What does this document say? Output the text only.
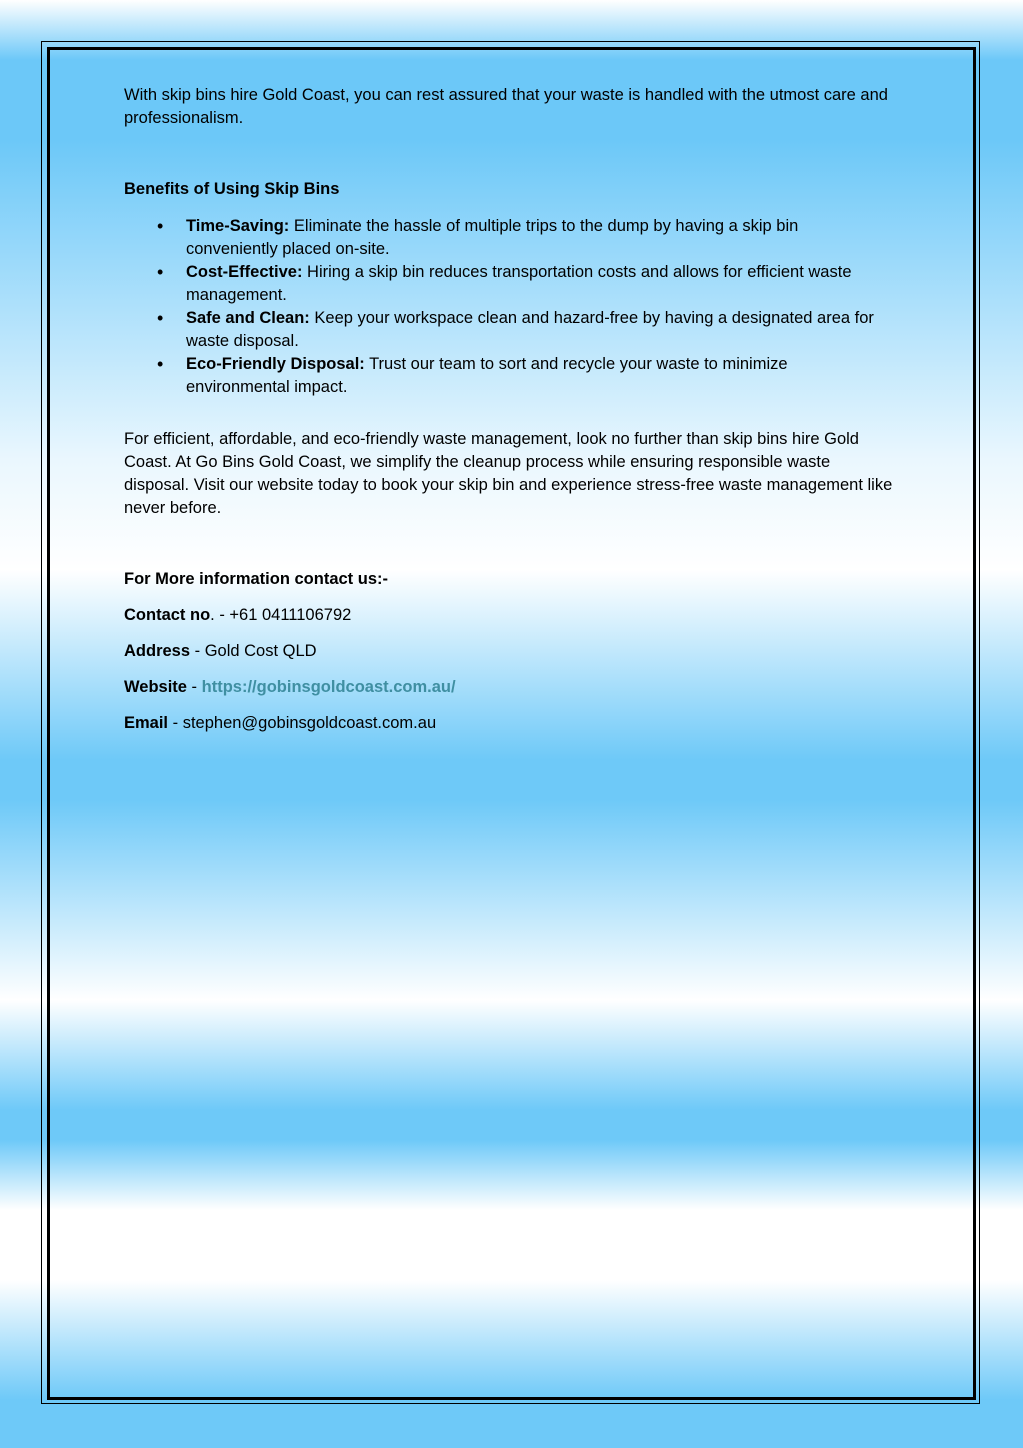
With skip bins hire Gold Coast, you can rest assured that your waste is handled with the utmost care and professionalism.

Benefits of Using Skip Bins

• Time-Saving: Eliminate the hassle of multiple trips to the dump by having a skip bin conveniently placed on-site.
• Cost-Effective: Hiring a skip bin reduces transportation costs and allows for efficient waste management.
• Safe and Clean: Keep your workspace clean and hazard-free by having a designated area for waste disposal.
• Eco-Friendly Disposal: Trust our team to sort and recycle your waste to minimize environmental impact.

For efficient, affordable, and eco-friendly waste management, look no further than skip bins hire Gold Coast. At Go Bins Gold Coast, we simplify the cleanup process while ensuring responsible waste disposal. Visit our website today to book your skip bin and experience stress-free waste management like never before.

For More information contact us:-

Contact no. - +61 0411106792

Address - Gold Cost QLD

Website - https://gobinsgoldcoast.com.au/

Email - stephen@gobinsgoldcoast.com.au
